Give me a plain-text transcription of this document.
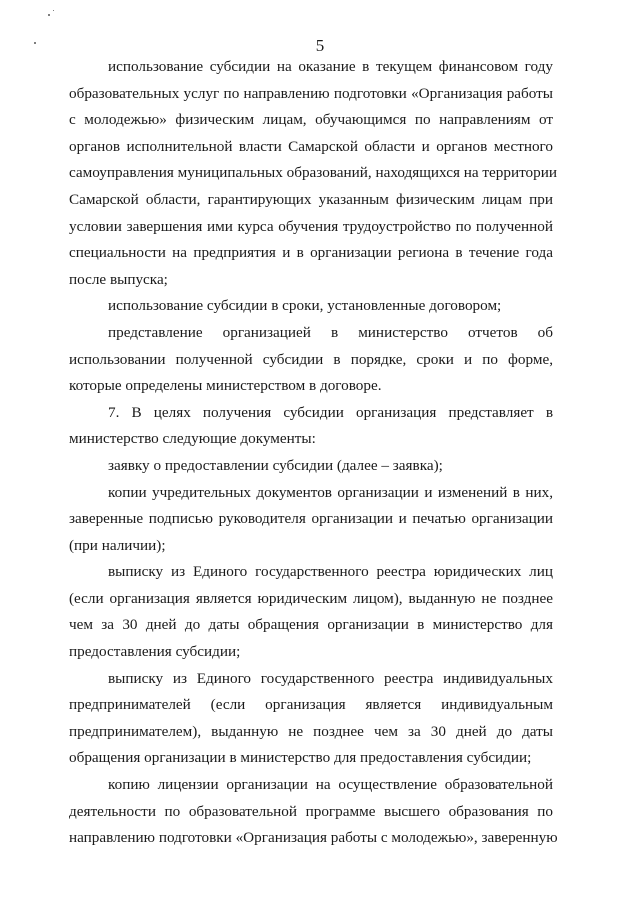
5
использование субсидии на оказание в текущем финансовом году
образовательных услуг по направлению подготовки «Организация работы
с молодежью» физическим лицам, обучающимся по направлениям от
органов исполнительной власти Самарской области и органов местного
самоуправления муниципальных образований, находящихся на территории
Самарской области, гарантирующих указанным физическим лицам при
условии завершения ими курса обучения трудоустройство по полученной
специальности на предприятия и в организации региона в течение года
после выпуска;
использование субсидии в сроки, установленные договором;
представление организацией в министерство отчетов об
использовании полученной субсидии в порядке, сроки и по форме,
которые определены министерством в договоре.
7. В целях получения субсидии организация представляет в
министерство следующие документы:
заявку о предоставлении субсидии (далее – заявка);
копии учредительных документов организации и изменений в них,
заверенные подписью руководителя организации и печатью организации
(при наличии);
выписку из Единого государственного реестра юридических лиц
(если организация является юридическим лицом), выданную не позднее
чем за 30 дней до даты обращения организации в министерство для
предоставления субсидии;
выписку из Единого государственного реестра индивидуальных
предпринимателей (если организация является индивидуальным
предпринимателем), выданную не позднее чем за 30 дней до даты
обращения организации в министерство для предоставления субсидии;
копию лицензии организации на осуществление образовательной
деятельности по образовательной программе высшего образования по
направлению подготовки «Организация работы с молодежью», заверенную
